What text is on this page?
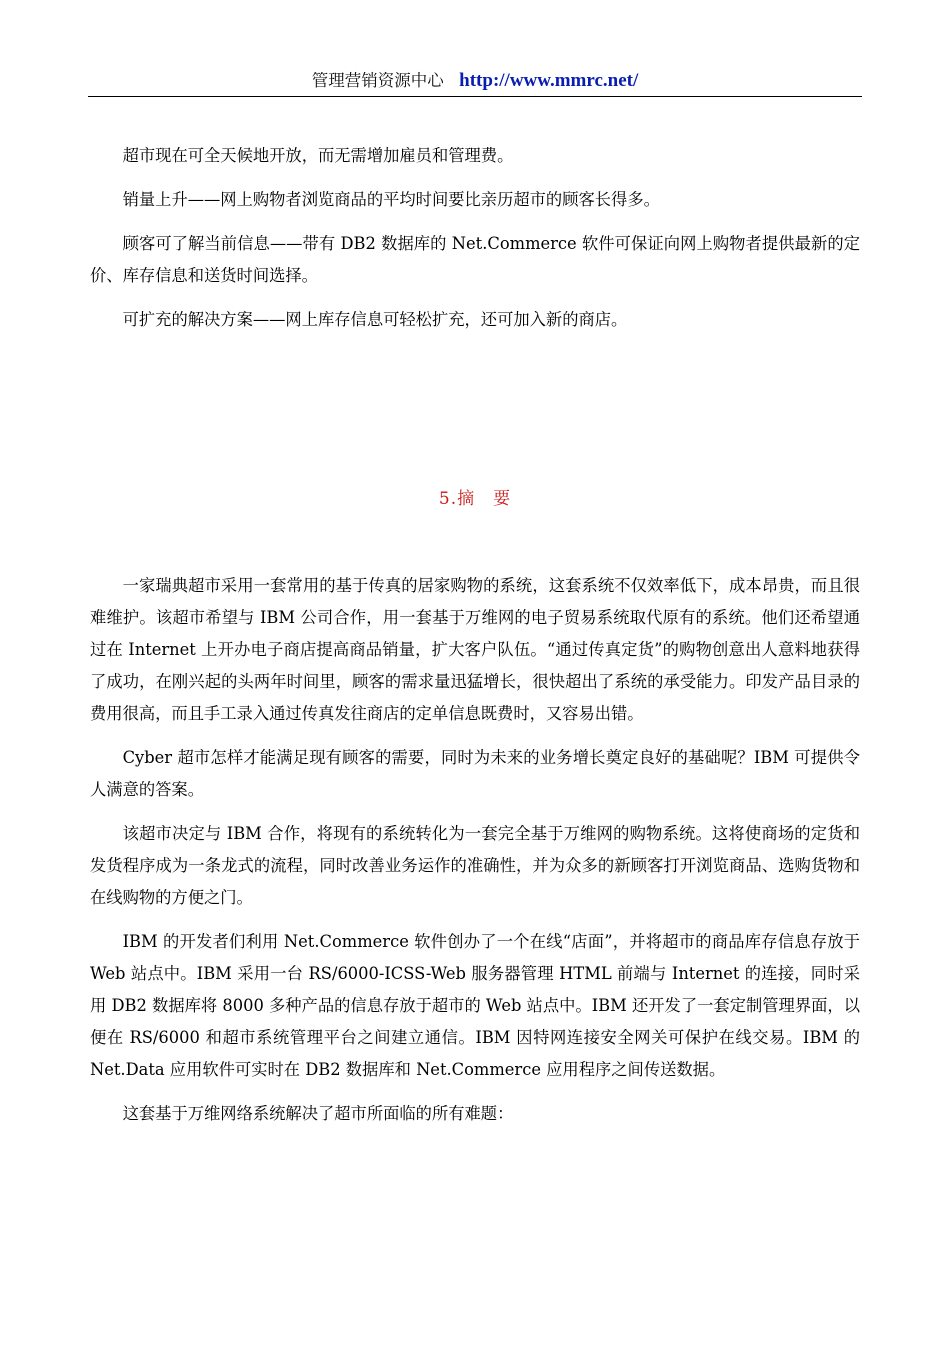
管理营销资源中心 http://www.mmrc.net/

超市现在可全天候地开放，而无需增加雇员和管理费。

销量上升——网上购物者浏览商品的平均时间要比亲历超市的顾客长得多。

顾客可了解当前信息——带有 DB2 数据库的 Net.Commerce 软件可保证向网上购物者提供最新的定价、库存信息和送货时间选择。

可扩充的解决方案——网上库存信息可轻松扩充，还可加入新的商店。

5.摘　要

一家瑞典超市采用一套常用的基于传真的居家购物的系统，这套系统不仅效率低下，成本昂贵，而且很难维护。该超市希望与 IBM 公司合作，用一套基于万维网的电子贸易系统取代原有的系统。他们还希望通过在 Internet 上开办电子商店提高商品销量，扩大客户队伍。“通过传真定货”的购物创意出人意料地获得了成功，在刚兴起的头两年时间里，顾客的需求量迅猛增长，很快超出了系统的承受能力。印发产品目录的费用很高，而且手工录入通过传真发往商店的定单信息既费时，又容易出错。

Cyber 超市怎样才能满足现有顾客的需要，同时为未来的业务增长奠定良好的基础呢？IBM 可提供令人满意的答案。

该超市决定与 IBM 合作，将现有的系统转化为一套完全基于万维网的购物系统。这将使商场的定货和发货程序成为一条龙式的流程，同时改善业务运作的准确性，并为众多的新顾客打开浏览商品、选购货物和在线购物的方便之门。

IBM 的开发者们利用 Net.Commerce 软件创办了一个在线“店面”，并将超市的商品库存信息存放于 Web 站点中。IBM 采用一台 RS/6000-ICSS-Web 服务器管理 HTML 前端与 Internet 的连接，同时采用 DB2 数据库将 8000 多种产品的信息存放于超市的 Web 站点中。IBM 还开发了一套定制管理界面，以便在 RS/6000 和超市系统管理平台之间建立通信。IBM 因特网连接安全网关可保护在线交易。IBM 的 Net.Data 应用软件可实时在 DB2 数据库和 Net.Commerce 应用程序之间传送数据。

这套基于万维网络系统解决了超市所面临的所有难题：
